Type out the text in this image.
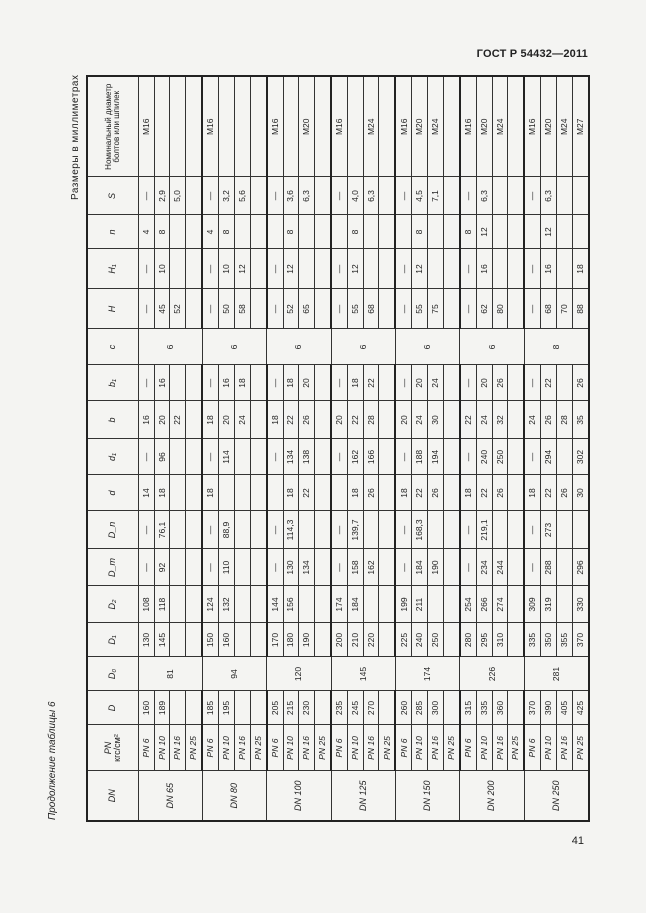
ГОСТ Р 54432—2011
Продолжение таблицы 6
Размеры в миллиметрах
DN	PN
кгс/см²	D	D₀	D₁	D₂	D_m	D_n	d	d₁	b	b₁	c	H	H₁	n	S	Номинальный диаметр болтов или шпилек
DN 65	PN 6	160	81	130	108	—	—	14	—	16	—	6	—	—	4	—	M16
	PN 10	189		145	118	92	76,1	18	96	20	16		45	10	8	2,9	
	PN 16									22			52			5,0	
	PN 25																
DN 80	PN 6	185	94	150	124	—	—	18	—	18	—	6	—	—	4	—	M16
	PN 10	195		160	132	110	88,9		114	20	16		50	10	8	3,2	
	PN 16									24	18		58	12		5,6	
	PN 25																
DN 100	PN 6	205	120	170	144	—	—		—	18	—	6	—	—		—	M16
	PN 10	215		180	156	130	114,3	18	134	22	18		52	12	8	3,6	
	PN 16	230		190		134		22	138	26	20		65			6,3	M20
	PN 25																
DN 125	PN 6	235	145	200	174	—	—		—	20	—	6	—	—		—	M16
	PN 10	245		210	184	158	139,7	18	162	22	18		55	12	8	4,0	
	PN 16	270		220		162		26	166	28	22		68			6,3	M24
	PN 25																
DN 150	PN 6	260	174	225	199	—	—	18	—	20	—	6	—	—		—	M16
	PN 10	285		240	211	184	168,3	22	188	24	20		55	12	8	4,5	M20
	PN 16	300		250		190		26	194	30	24		75			7,1	M24
	PN 25																
DN 200	PN 6	315	226	280	254	—	—	18	—	22	—	6	—	—	8	—	M16
	PN 10	335		295	266	234	219,1	22	240	24	20		62	16	12	6,3	M20
	PN 16	360		310	274	244		26	250	32	26		80				M24
	PN 25																
DN 250	PN 6	370	281	335	309	—	—	18	—	24	—	8	—	—		—	M16
	PN 10	390		350	319	288	273	22	294	26	22		68	16	12	6,3	M20
	PN 16	405		355				26		28			70				M24
	PN 25	425		370	330	296		30	302	35	26		88	18			M27
41
